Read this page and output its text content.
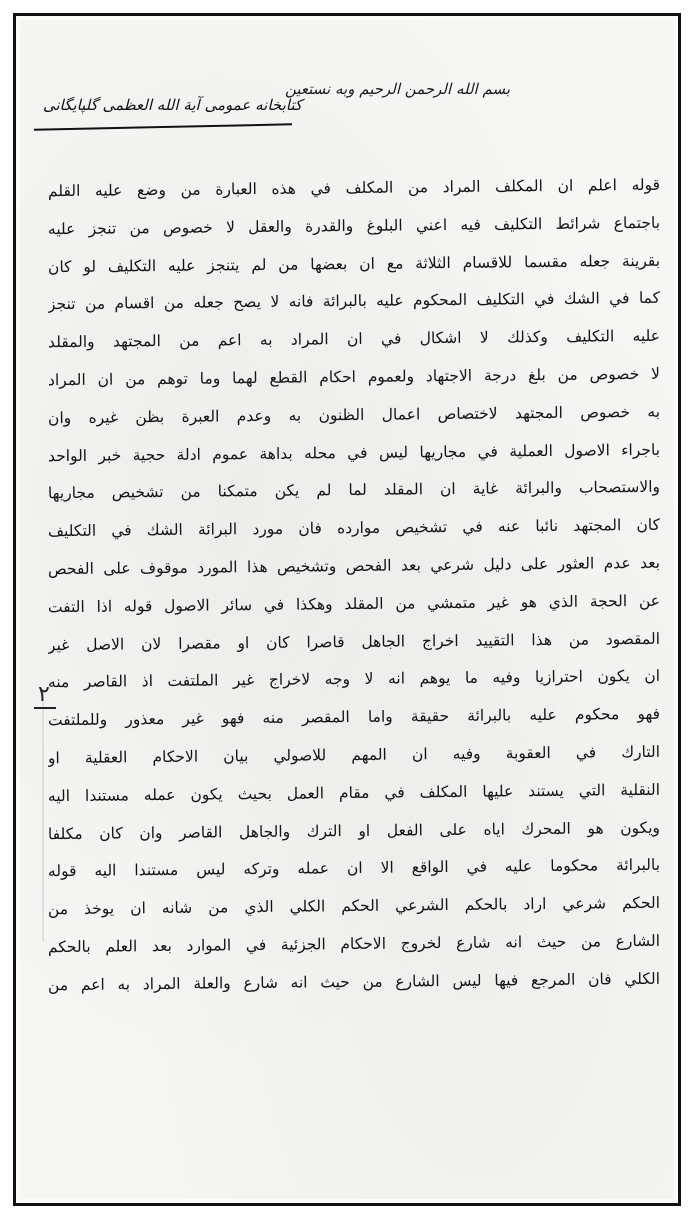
بسم الله الرحمن الرحيم وبه نستعين
کتابخانه عمومی آیة الله العظمی گلپایگانی
۲
قوله اعلم ان المكلف المراد من المكلف في هذه العبارة من وضع عليه القلم
باجتماع شرائط التكليف فيه اعني البلوغ والقدرة والعقل لا خصوص من تنجز عليه
بقرينة جعله مقسما للاقسام الثلاثة مع ان بعضها من لم يتنجز عليه التكليف لو كان
كما في الشك في التكليف المحكوم عليه بالبرائة فانه لا يصح جعله من اقسام من تنجز
عليه التكليف وكذلك لا اشكال في ان المراد به اعم من المجتهد والمقلد
لا خصوص من بلغ درجة الاجتهاد ولعموم احكام القطع لهما وما توهم من ان المراد
به خصوص المجتهد لاختصاص اعمال الظنون به وعدم العبرة بظن غيره وان
باجراء الاصول العملية في مجاريها ليس في محله بداهة عموم ادلة حجية خبر الواحد
والاستصحاب والبرائة غاية ان المقلد لما لم يكن متمكنا من تشخيص مجاريها
كان المجتهد نائبا عنه في تشخيص موارده فان مورد البرائة الشك في التكليف
بعد عدم العثور على دليل شرعي بعد الفحص وتشخيص هذا المورد موقوف على الفحص
عن الحجة الذي هو غير متمشي من المقلد وهكذا في سائر الاصول قوله اذا التفت
المقصود من هذا التقييد اخراج الجاهل قاصرا كان او مقصرا لان الاصل غير
ان يكون احترازيا وفيه ما يوهم انه لا وجه لاخراج غير الملتفت اذ القاصر منه
فهو محكوم عليه بالبرائة حقيقة واما المقصر منه فهو غير معذور وللملتفت
التارك في العقوبة وفيه ان المهم للاصولي بيان الاحكام العقلية او
النقلية التي يستند عليها المكلف في مقام العمل بحيث يكون عمله مستندا اليه
ويكون هو المحرك اياه على الفعل او الترك والجاهل القاصر وان كان مكلفا
بالبرائة محكوما عليه في الواقع الا ان عمله وتركه ليس مستندا اليه قوله
الحكم شرعي اراد بالحكم الشرعي الحكم الكلي الذي من شانه ان يوخذ من
الشارع من حيث انه شارع لخروج الاحكام الجزئية في الموارد بعد العلم بالحكم
الكلي فان المرجع فيها ليس الشارع من حيث انه شارع والعلة المراد به اعم من
